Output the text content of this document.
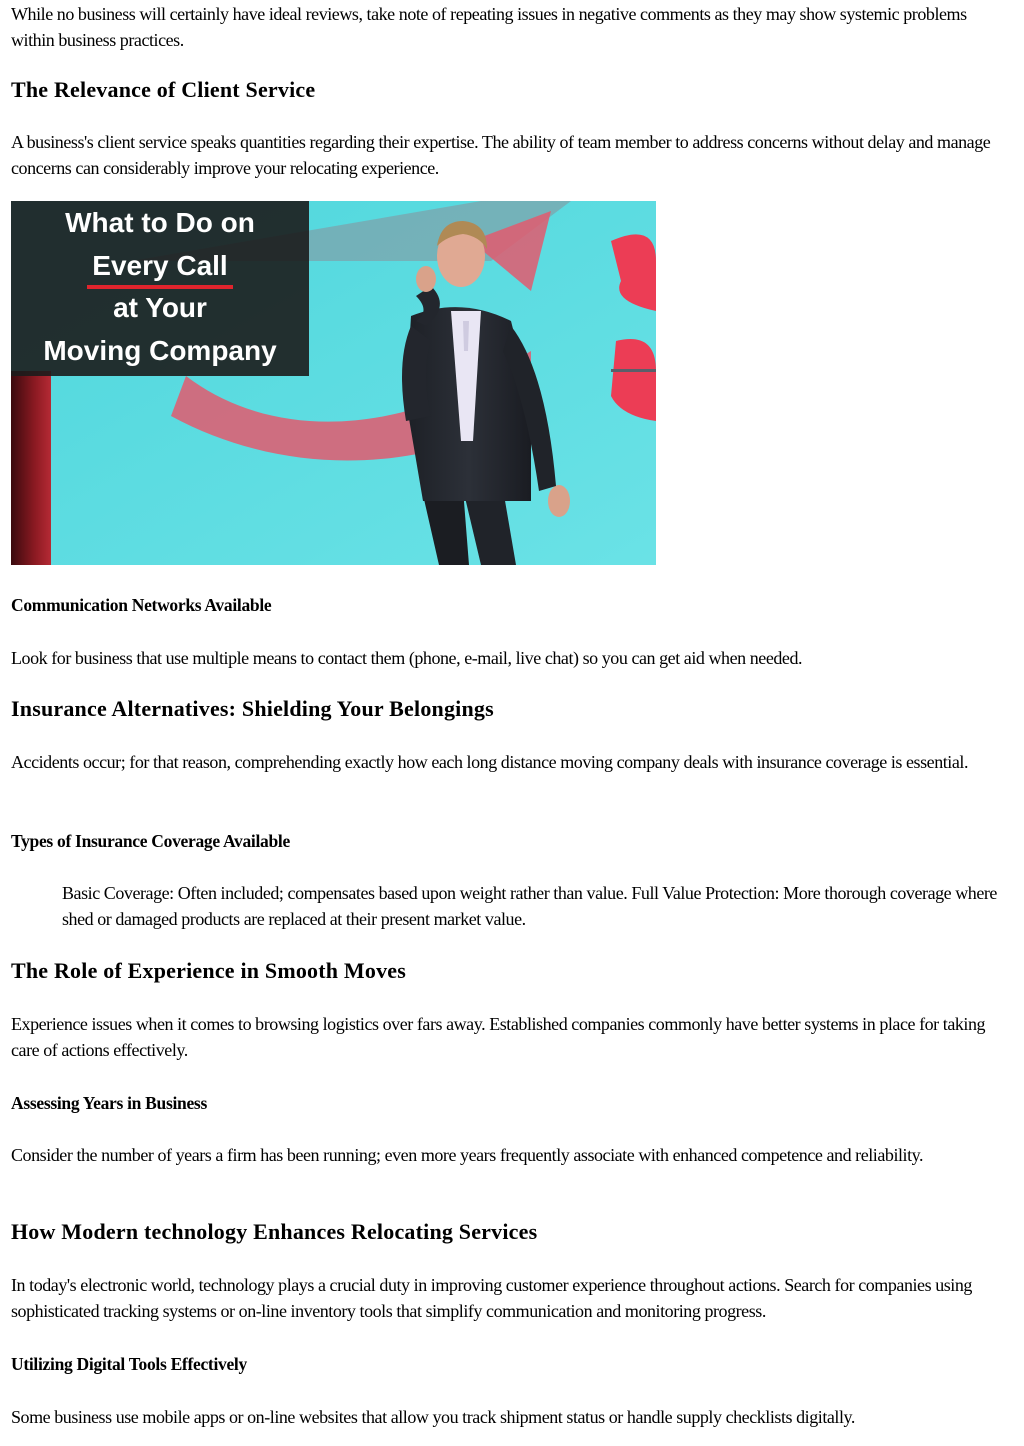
While no business will certainly have ideal reviews, take note of repeating issues in negative comments as they may show systemic problems within business practices.

The Relevance of Client Service

A business's client service speaks quantities regarding their expertise. The ability of team member to address concerns without delay and manage concerns can considerably improve your relocating experience.

What to Do on
Every Call
at Your
Moving Company
Communication Networks Available

Look for business that use multiple means to contact them (phone, e-mail, live chat) so you can get aid when needed.

Insurance Alternatives: Shielding Your Belongings

Accidents occur; for that reason, comprehending exactly how each long distance moving company deals with insurance coverage is essential.

Types of Insurance Coverage Available

Basic Coverage: Often included; compensates based upon weight rather than value. Full Value Protection: More thorough coverage where shed or damaged products are replaced at their present market value.

The Role of Experience in Smooth Moves

Experience issues when it comes to browsing logistics over fars away. Established companies commonly have better systems in place for taking care of actions effectively.

Assessing Years in Business

Consider the number of years a firm has been running; even more years frequently associate with enhanced competence and reliability.

How Modern technology Enhances Relocating Services

In today's electronic world, technology plays a crucial duty in improving customer experience throughout actions. Search for companies using sophisticated tracking systems or on-line inventory tools that simplify communication and monitoring progress.

Utilizing Digital Tools Effectively

Some business use mobile apps or on-line websites that allow you track shipment status or handle supply checklists digitally.
